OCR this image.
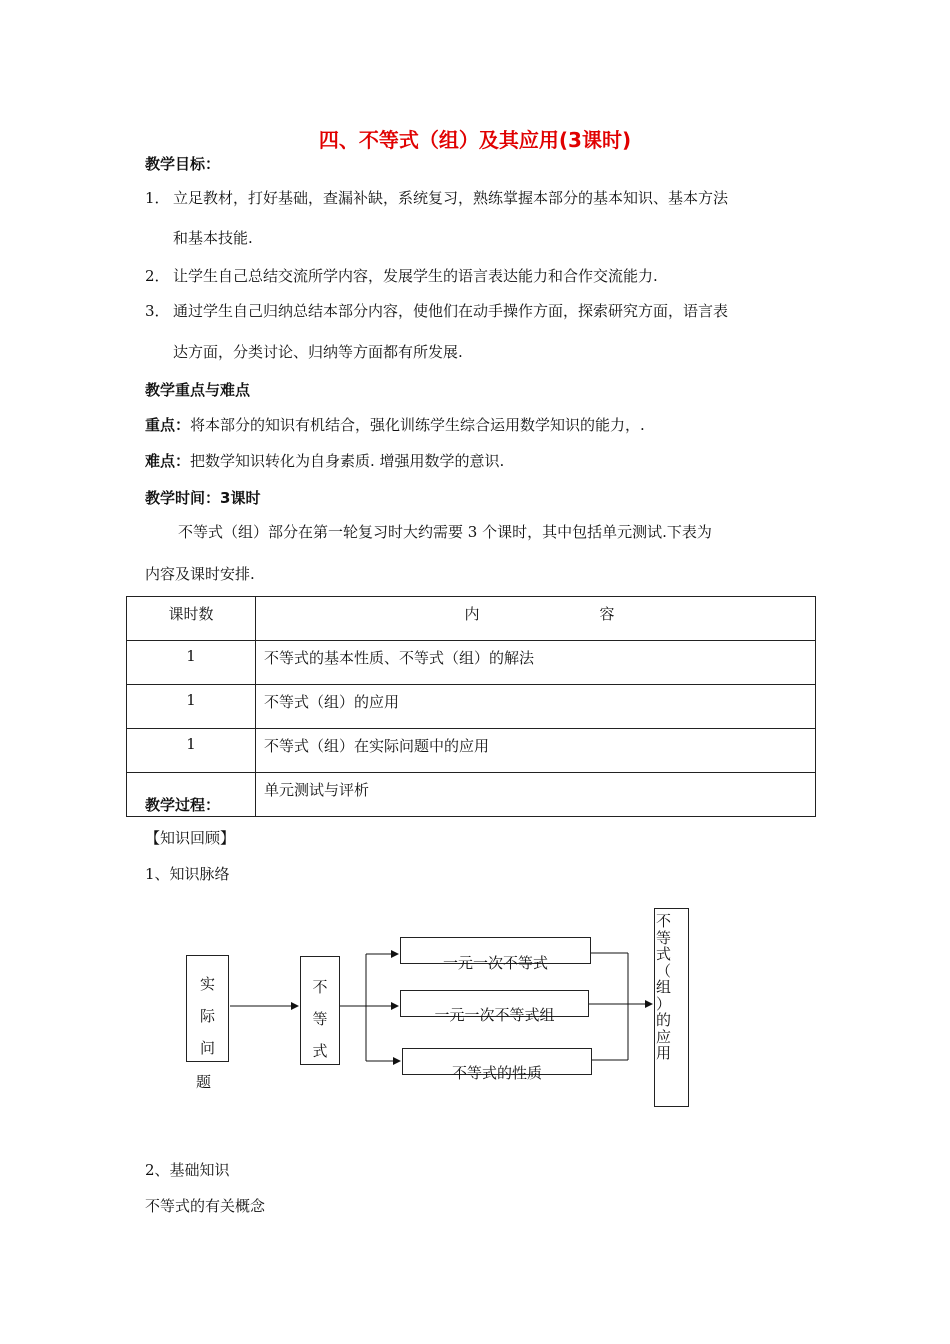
四、不等式（组）及其应用(3课时)
教学目标：
1． 立足教材，打好基础，查漏补缺，系统复习，熟练掌握本部分的基本知识、基本方法
和基本技能.
2． 让学生自己总结交流所学内容，发展学生的语言表达能力和合作交流能力.
3． 通过学生自己归纳总结本部分内容，使他们在动手操作方面，探索研究方面，语言表
达方面，分类讨论、归纳等方面都有所发展.
教学重点与难点
重点：将本部分的知识有机结合，强化训练学生综合运用数学知识的能力，.
难点：把数学知识转化为自身素质. 增强用数学的意识.
教学时间：3课时
不等式（组）部分在第一轮复习时大约需要 3 个课时，其中包括单元测试.下表为
内容及课时安排.
课时数	内 容

1	不等式的基本性质、不等式（组）的解法
1	不等式（组）的应用
1	不等式（组）在实际问题中的应用
	单元测试与评析
教学过程：
【知识回顾】
1、知识脉络
实
际
问
题
不
等
式
一元一次不等式
一元一次不等式组
不等式的性质
不
等
式
（
组
）
的
应
用
2、基础知识
不等式的有关概念
